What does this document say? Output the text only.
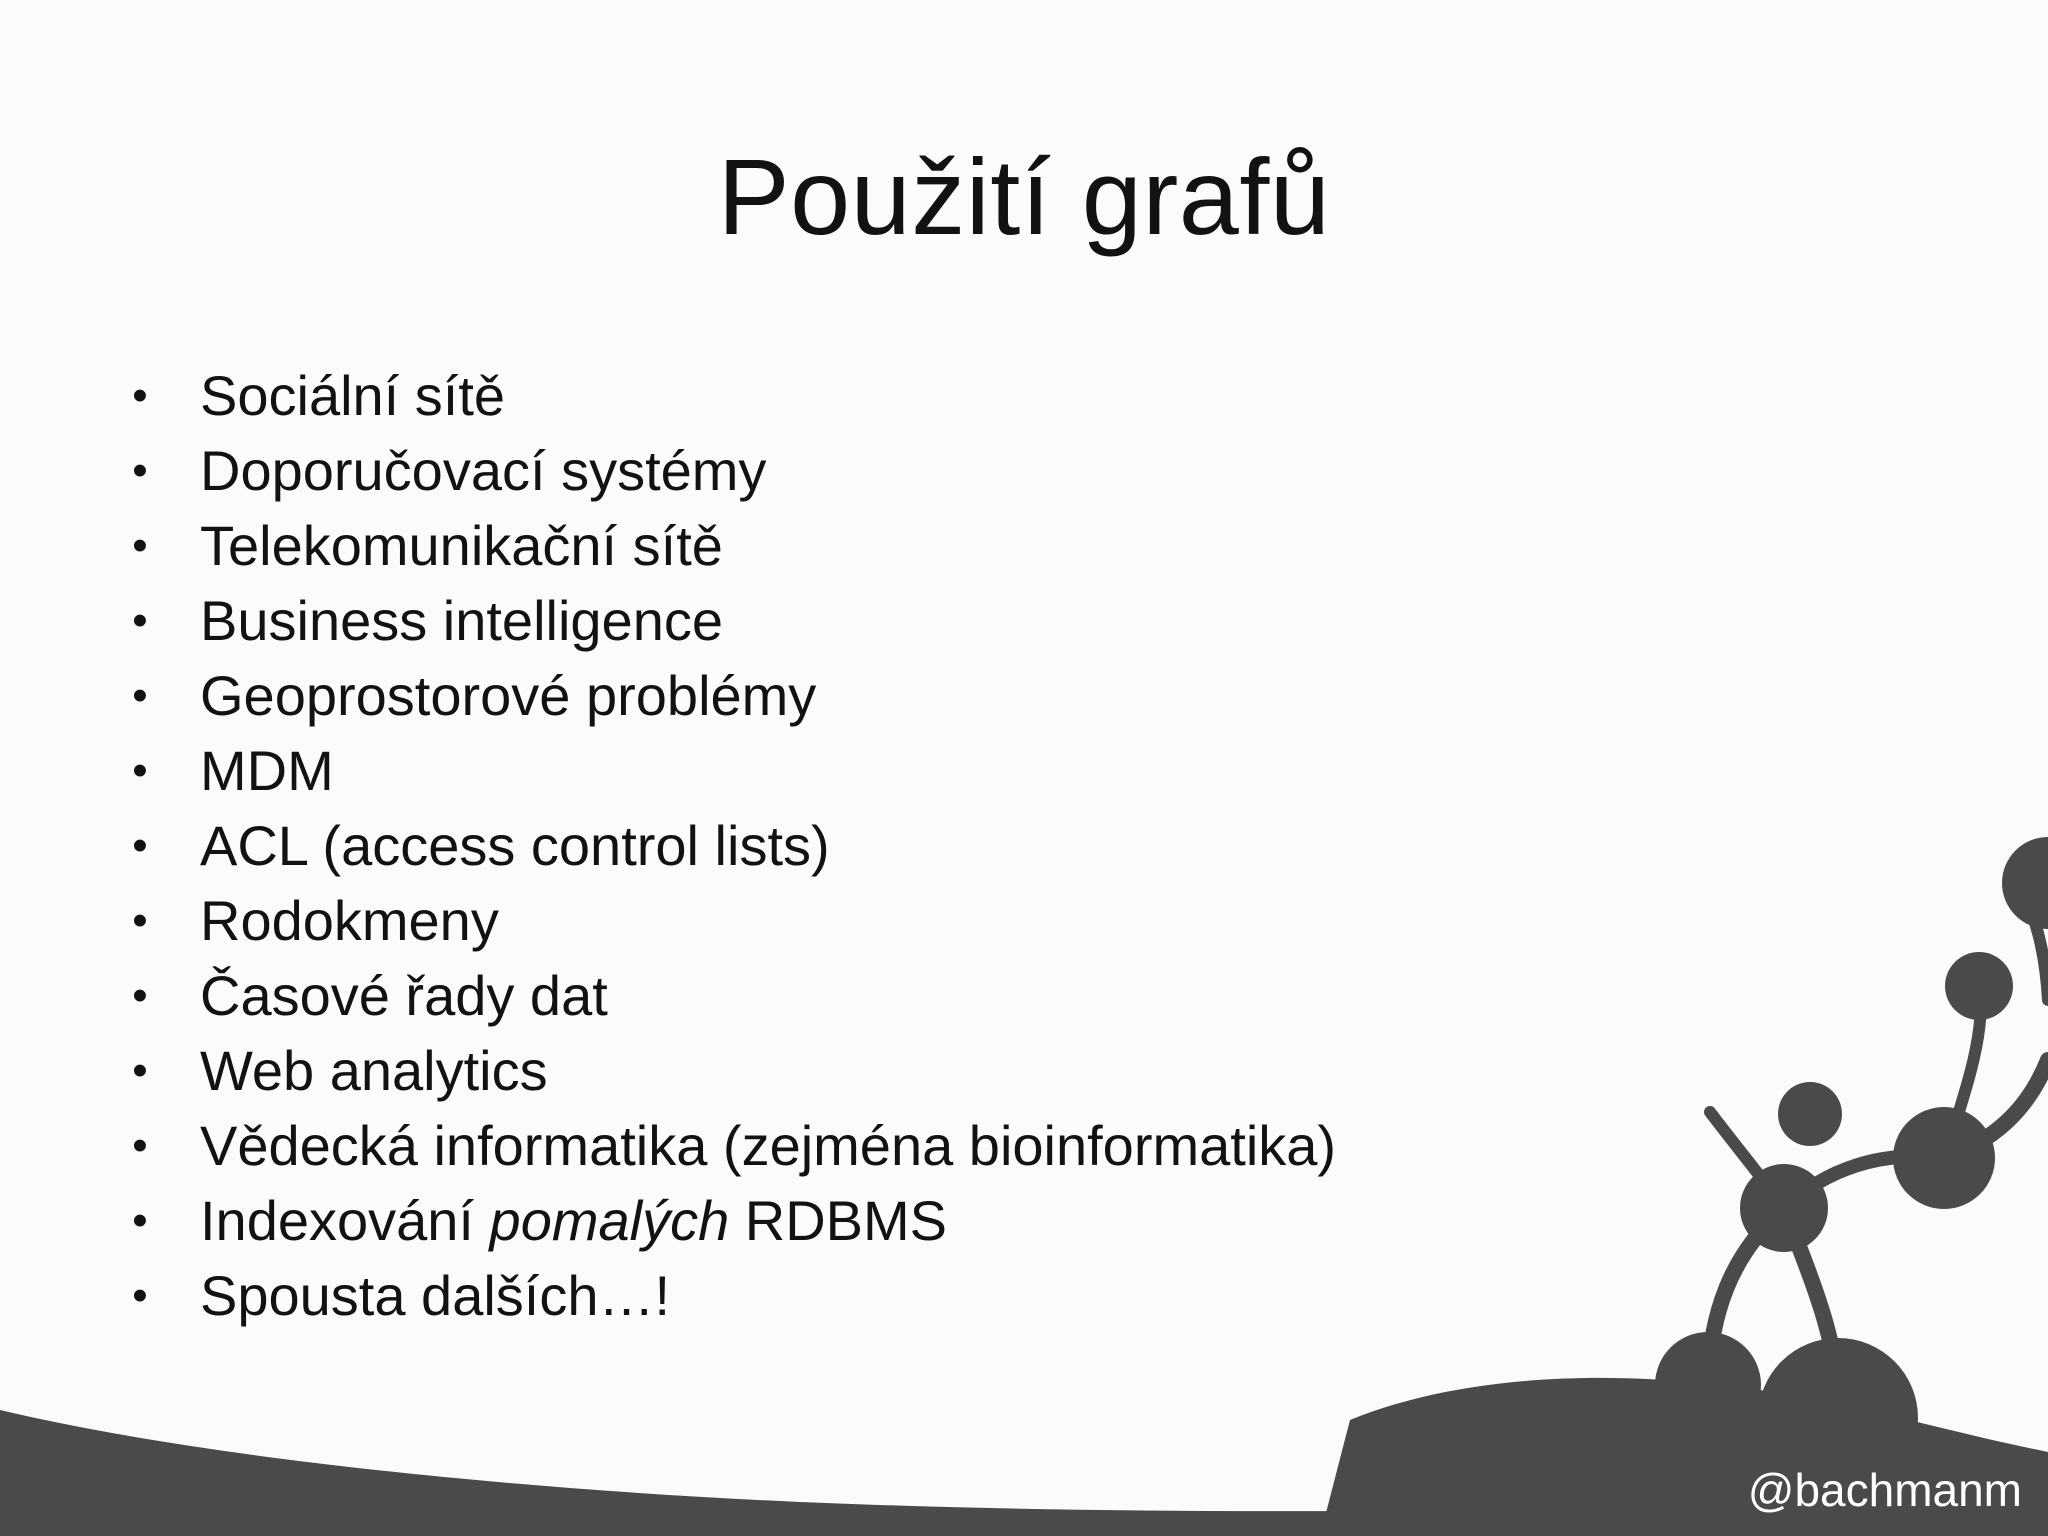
Použití grafů
• Sociální sítě
• Doporučovací systémy
• Telekomunikační sítě
• Business intelligence
• Geoprostorové problémy
• MDM
• ACL (access control lists)
• Rodokmeny
• Časové řady dat
• Web analytics
• Vědecká informatika (zejména bioinformatika)
• Indexování pomalých RDBMS
• Spousta dalších…!
@bachmanm
